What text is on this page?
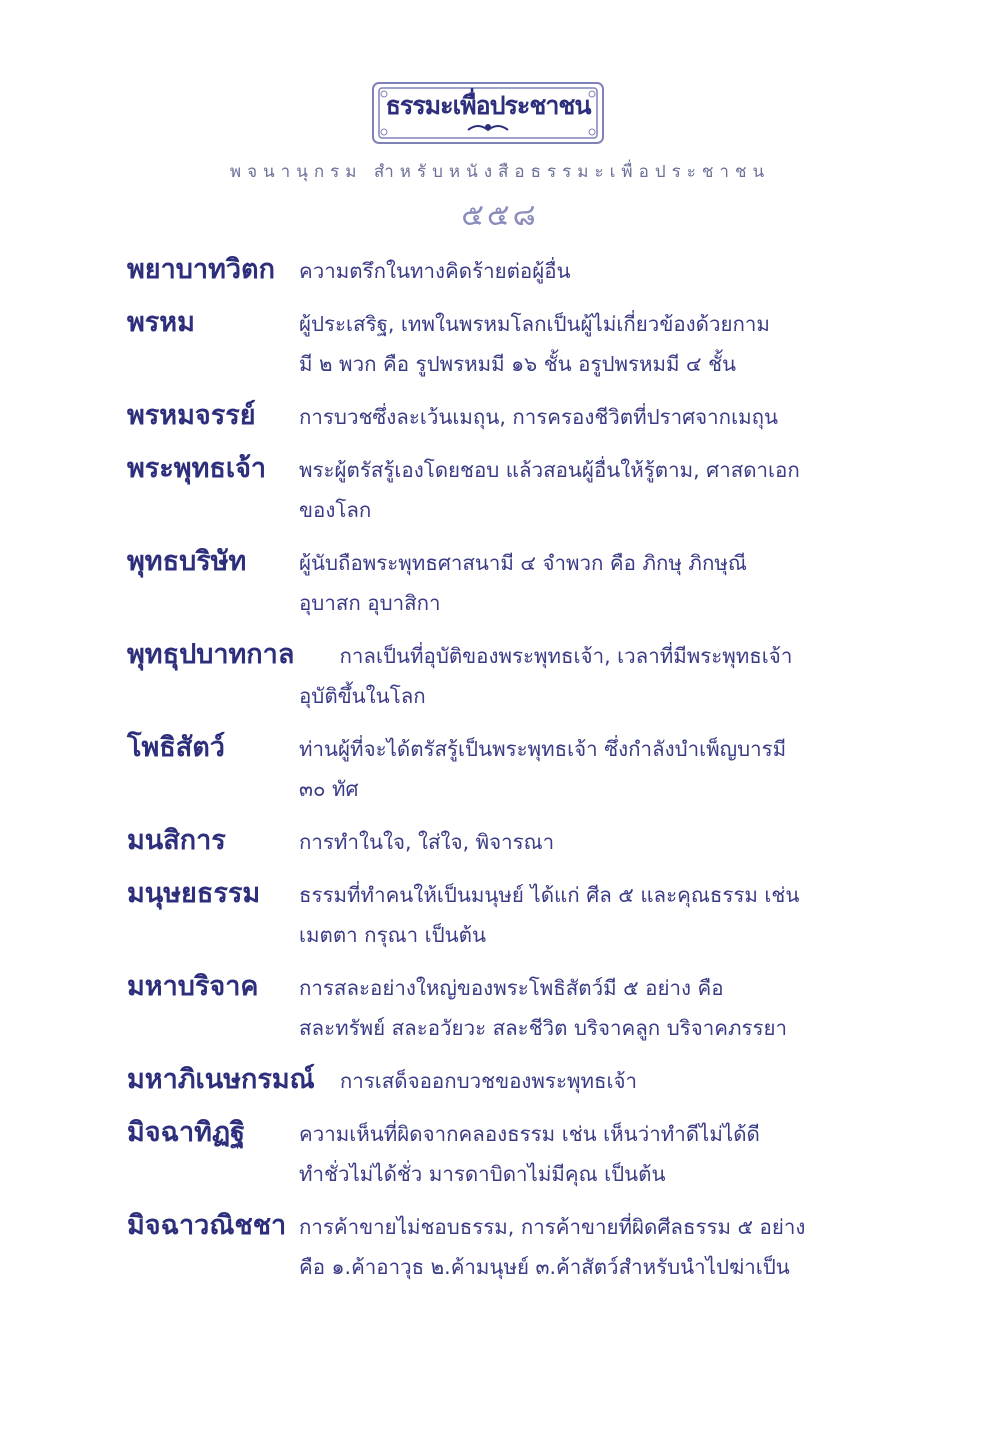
ธรรมะเพื่อประชาชน
พจนานุกรม สำหรับหนังสือธรรมะเพื่อประชาชน
๕๕๘
พยาบาทวิตก	ความตรึกในทางคิดร้ายต่อผู้อื่น
พรหม	ผู้ประเสริฐ, เทพในพรหมโลกเป็นผู้ไม่เกี่ยวข้องด้วยกาม
มี ๒ พวก คือ รูปพรหมมี ๑๖ ชั้น อรูปพรหมมี ๔ ชั้น
พรหมจรรย์	การบวชซึ่งละเว้นเมถุน, การครองชีวิตที่ปราศจากเมถุน
พระพุทธเจ้า	พระผู้ตรัสรู้เองโดยชอบ แล้วสอนผู้อื่นให้รู้ตาม, ศาสดาเอก
ของโลก
พุทธบริษัท	ผู้นับถือพระพุทธศาสนามี ๔ จำพวก คือ ภิกษุ ภิกษุณี
อุบาสก อุบาสิกา
พุทธุปบาทกาล กาลเป็นที่อุบัติของพระพุทธเจ้า, เวลาที่มีพระพุทธเจ้า
อุบัติขึ้นในโลก
โพธิสัตว์	ท่านผู้ที่จะได้ตรัสรู้เป็นพระพุทธเจ้า ซึ่งกำลังบำเพ็ญบารมี
๓๐ ทัศ
มนสิการ	การทำในใจ, ใส่ใจ, พิจารณา
มนุษยธรรม	ธรรมที่ทำคนให้เป็นมนุษย์ ได้แก่ ศีล ๕ และคุณธรรม เช่น
เมตตา กรุณา เป็นต้น
มหาบริจาค	การสละอย่างใหญ่ของพระโพธิสัตว์มี ๕ อย่าง คือ
สละทรัพย์ สละอวัยวะ สละชีวิต บริจาคลูก บริจาคภรรยา
มหาภิเนษกรมณ์ การเสด็จออกบวชของพระพุทธเจ้า
มิจฉาทิฏฐิ	ความเห็นที่ผิดจากคลองธรรม เช่น เห็นว่าทำดีไม่ได้ดี
ทำชั่วไม่ได้ชั่ว มารดาบิดาไม่มีคุณ เป็นต้น
มิจฉาวณิชชา การค้าขายไม่ชอบธรรม, การค้าขายที่ผิดศีลธรรม ๕ อย่าง
คือ ๑.ค้าอาวุธ ๒.ค้ามนุษย์ ๓.ค้าสัตว์สำหรับนำไปฆ่าเป็น
